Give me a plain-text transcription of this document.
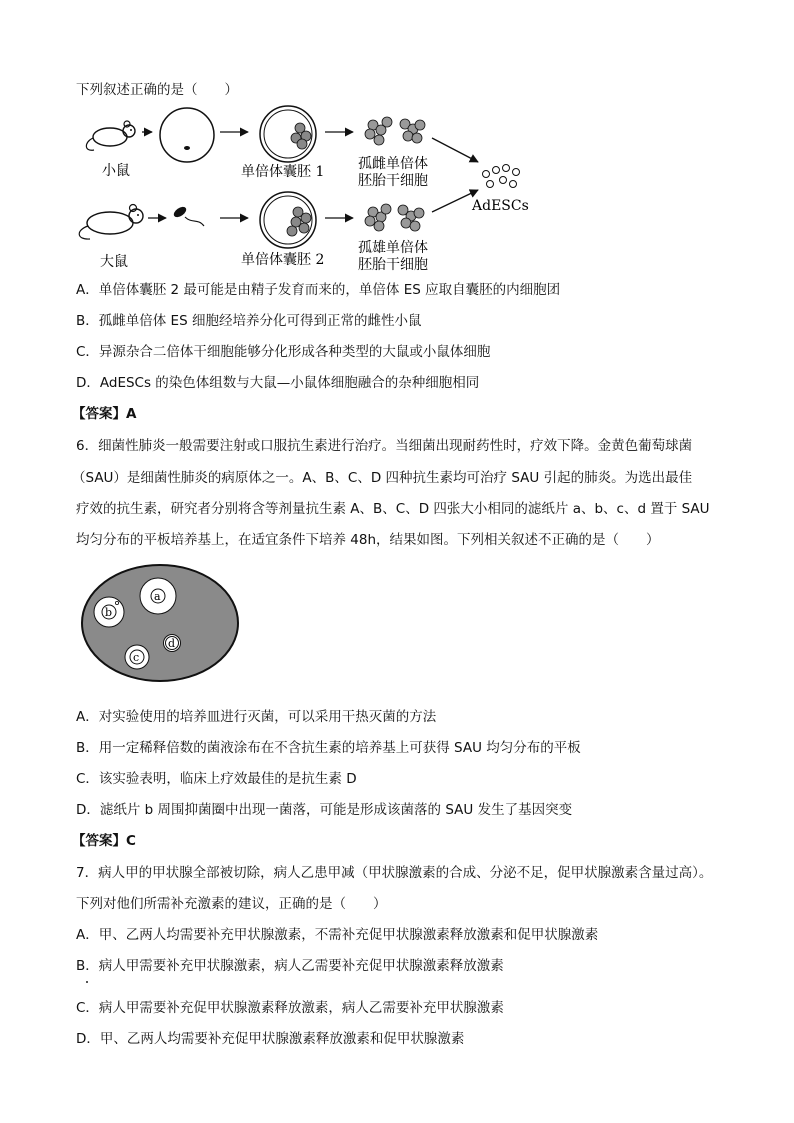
下列叙述正确的是（　　）
小鼠	单倍体囊胚 1 孤雌单倍体
胚胎干细胞
大鼠	单倍体囊胚 2
孤雄单倍体
胚胎干细胞
AdESCs
A．单倍体囊胚 2 最可能是由精子发育而来的，单倍体 ES 应取自囊胚的内细胞团
B．孤雌单倍体 ES 细胞经培养分化可得到正常的雌性小鼠
C．异源杂合二倍体干细胞能够分化形成各种类型的大鼠或小鼠体细胞
D．AdESCs 的染色体组数与大鼠—小鼠体细胞融合的杂种细胞相同
【答案】A
6．细菌性肺炎一般需要注射或口服抗生素进行治疗。当细菌出现耐药性时，疗效下降。金黄色葡萄球菌
（SAU）是细菌性肺炎的病原体之一。A、B、C、D 四种抗生素均可治疗 SAU 引起的肺炎。为选出最佳
疗效的抗生素，研究者分别将含等剂量抗生素 A、B、C、D 四张大小相同的滤纸片 a、b、c、d 置于 SAU
均匀分布的平板培养基上，在适宜条件下培养 48h，结果如图。下列相关叙述不正确的是（　　）
a
b
c
d
A．对实验使用的培养皿进行灭菌，可以采用干热灭菌的方法
B．用一定稀释倍数的菌液涂布在不含抗生素的培养基上可获得 SAU 均匀分布的平板
C．该实验表明，临床上疗效最佳的是抗生素 D
D．滤纸片 b 周围抑菌圈中出现一菌落，可能是形成该菌落的 SAU 发生了基因突变
【答案】C
7．病人甲的甲状腺全部被切除，病人乙患甲减（甲状腺激素的合成、分泌不足，促甲状腺激素含量过高）。
下列对他们所需补充激素的建议，正确的是（　　）
A．甲、乙两人均需要补充甲状腺激素，不需补充促甲状腺激素释放激素和促甲状腺激素
B．病人甲需要补充甲状腺激素，病人乙需要补充促甲状腺激素释放激素
C．病人甲需要补充促甲状腺激素释放激素，病人乙需要补充甲状腺激素
D．甲、乙两人均需要补充促甲状腺激素释放激素和促甲状腺激素
